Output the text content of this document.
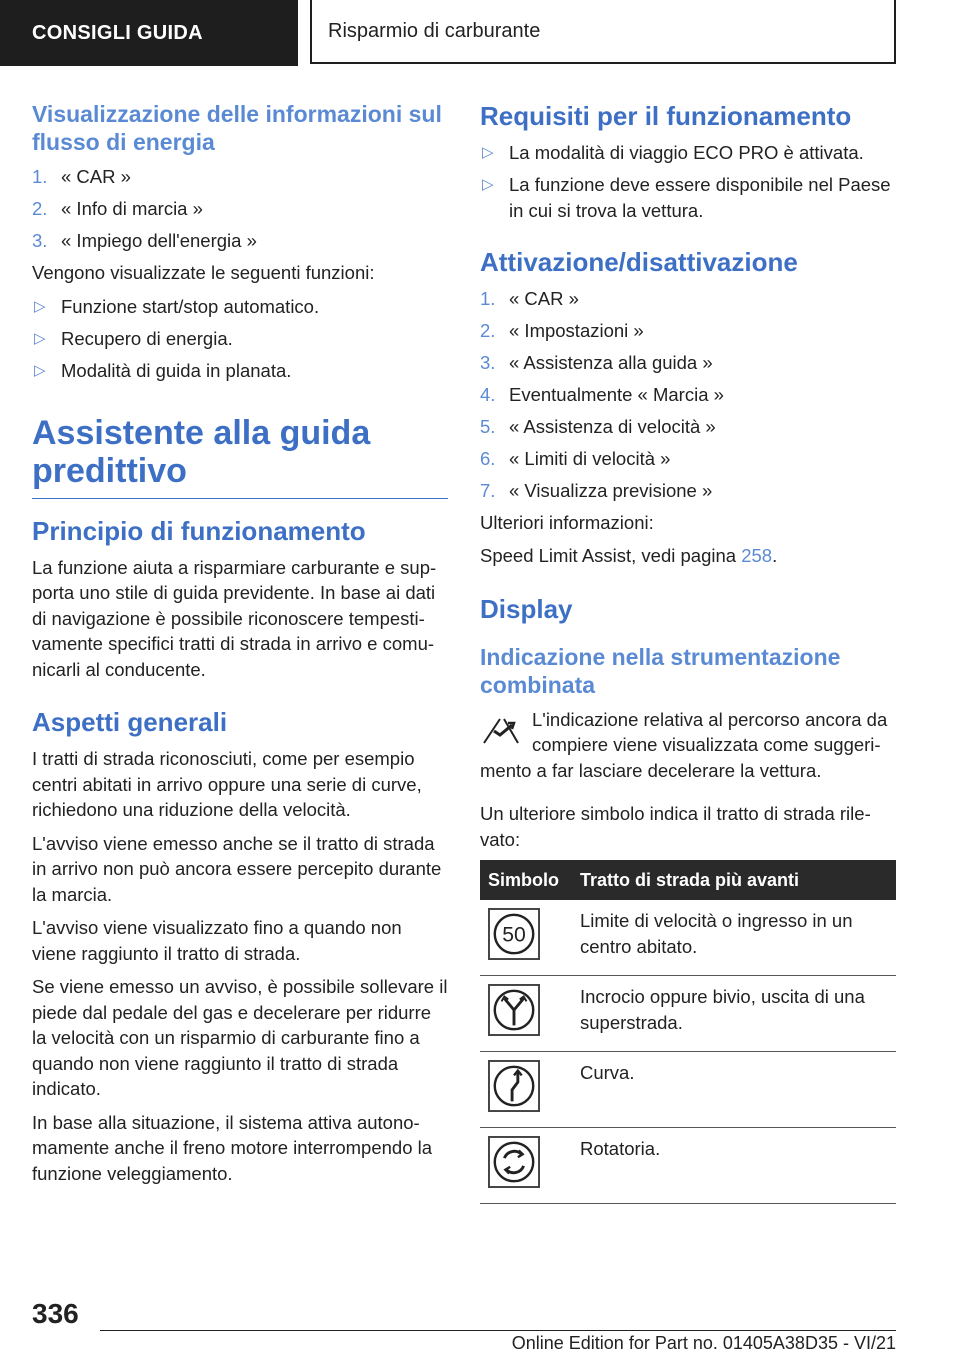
CONSIGLI GUIDA	Risparmio di carburante
Visualizzazione delle informazioni sul flusso di energia
1. « CAR »
2. « Info di marcia »
3. « Impiego dell'energia »
Vengono visualizzate le seguenti funzioni:
▷ Funzione start/stop automatico.
▷ Recupero di energia.
▷ Modalità di guida in planata.
Assistente alla guida predittivo
Principio di funzionamento
La funzione aiuta a risparmiare carburante e supporta uno stile di guida previdente. In base ai dati di navigazione è possibile riconoscere tempestivamente specifici tratti di strada in arrivo e comunicarli al conducente.
Aspetti generali
I tratti di strada riconosciuti, come per esempio centri abitati in arrivo oppure una serie di curve, richiedono una riduzione della velocità.
L'avviso viene emesso anche se il tratto di strada in arrivo non può ancora essere percepito durante la marcia.
L'avviso viene visualizzato fino a quando non viene raggiunto il tratto di strada.
Se viene emesso un avviso, è possibile sollevare il piede dal pedale del gas e decelerare per ridurre la velocità con un risparmio di carburante fino a quando non viene raggiunto il tratto di strada indicato.
In base alla situazione, il sistema attiva autonomamente anche il freno motore interrompendo la funzione veleggiamento.
Requisiti per il funzionamento
▷ La modalità di viaggio ECO PRO è attivata.
▷ La funzione deve essere disponibile nel Paese in cui si trova la vettura.
Attivazione/disattivazione
1. « CAR »
2. « Impostazioni »
3. « Assistenza alla guida »
4. Eventualmente « Marcia »
5. « Assistenza di velocità »
6. « Limiti di velocità »
7. « Visualizza previsione »
Ulteriori informazioni:
Speed Limit Assist, vedi pagina 258.
Display
Indicazione nella strumentazione combinata
L'indicazione relativa al percorso ancora da compiere viene visualizzata come suggerimento a far lasciare decelerare la vettura.
Un ulteriore simbolo indica il tratto di strada rilevato:
Simbolo	Tratto di strada più avanti

50	Limite di velocità o ingresso in un centro abitato.

	Incrocio oppure bivio, uscita di una superstrada.

	Curva.

	Rotatoria.
336
Online Edition for Part no. 01405A38D35 - VI/21
